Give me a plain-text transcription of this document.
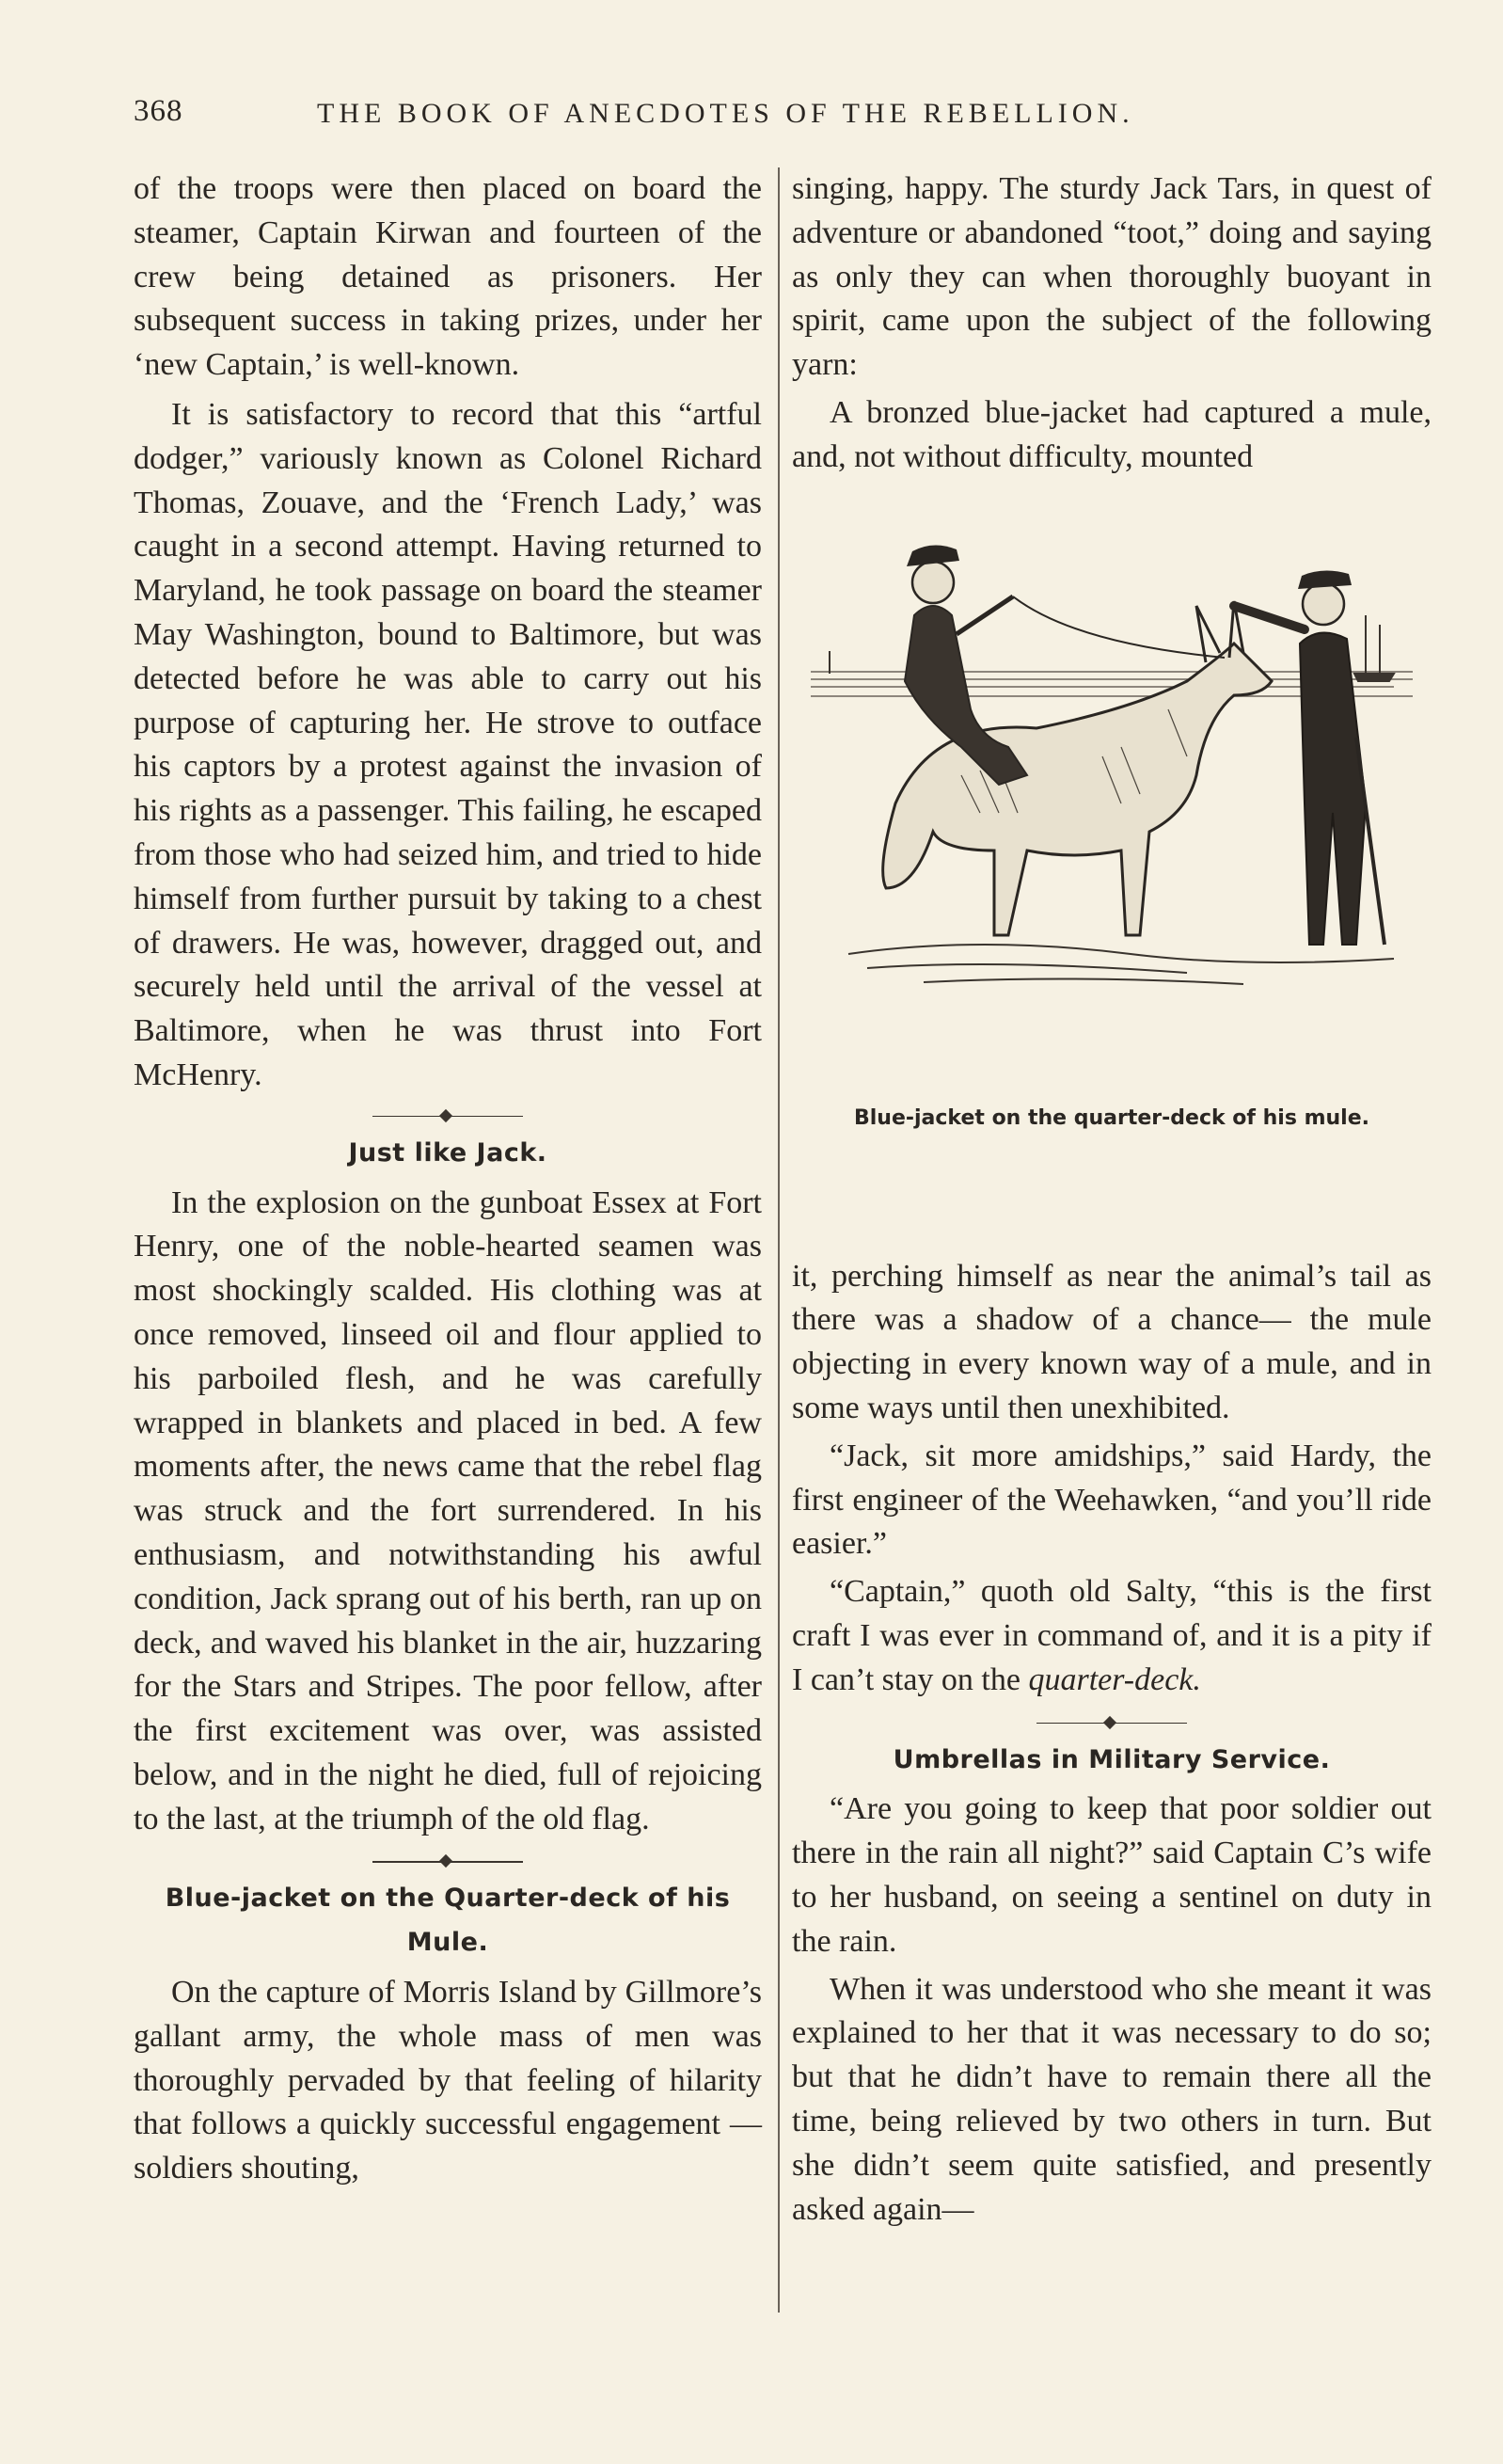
368	THE BOOK OF ANECDOTES OF THE REBELLION.

of the troops were then placed on board the steamer, Captain Kirwan and fourteen of the crew being detained as prisoners. Her subsequent success in taking prizes, under her ‘new Captain,’ is well-known.

It is satisfactory to record that this “artful dodger,” variously known as Colonel Richard Thomas, Zouave, and the ‘French Lady,’ was caught in a second attempt. Having returned to Maryland, he took passage on board the steamer May Washington, bound to Baltimore, but was detected before he was able to carry out his purpose of capturing her. He strove to outface his captors by a protest against the invasion of his rights as a passenger. This failing, he escaped from those who had seized him, and tried to hide himself from further pursuit by taking to a chest of drawers. He was, however, dragged out, and securely held until the arrival of the vessel at Baltimore, when he was thrust into Fort McHenry.

Just like Jack.

In the explosion on the gunboat Essex at Fort Henry, one of the noble-hearted seamen was most shockingly scalded. His clothing was at once removed, linseed oil and flour applied to his parboiled flesh, and he was carefully wrapped in blankets and placed in bed. A few moments after, the news came that the rebel flag was struck and the fort surrendered. In his enthusiasm, and notwithstanding his awful condition, Jack sprang out of his berth, ran up on deck, and waved his blanket in the air, huzzaring for the Stars and Stripes. The poor fellow, after the first excitement was over, was assisted below, and in the night he died, full of rejoicing to the last, at the triumph of the old flag.

Blue-jacket on the Quarter-deck of his Mule.

On the capture of Morris Island by Gillmore’s gallant army, the whole mass of men was thoroughly pervaded by that feeling of hilarity that follows a quickly successful engagement — soldiers shouting,

singing, happy. The sturdy Jack Tars, in quest of adventure or abandoned “toot,” doing and saying as only they can when thoroughly buoyant in spirit, came upon the subject of the following yarn:

A bronzed blue-jacket had captured a mule, and, not without difficulty, mounted

Blue-jacket on the quarter-deck of his mule.

it, perching himself as near the animal’s tail as there was a shadow of a chance— the mule objecting in every known way of a mule, and in some ways until then unexhibited.

“Jack, sit more amidships,” said Hardy, the first engineer of the Weehawken, “and you’ll ride easier.”

“Captain,” quoth old Salty, “this is the first craft I was ever in command of, and it is a pity if I can’t stay on the quarter-deck.

Umbrellas in Military Service.

“Are you going to keep that poor soldier out there in the rain all night?” said Captain C’s wife to her husband, on seeing a sentinel on duty in the rain.

When it was understood who she meant it was explained to her that it was necessary to do so; but that he didn’t have to remain there all the time, being relieved by two others in turn. But she didn’t seem quite satisfied, and presently asked again—
